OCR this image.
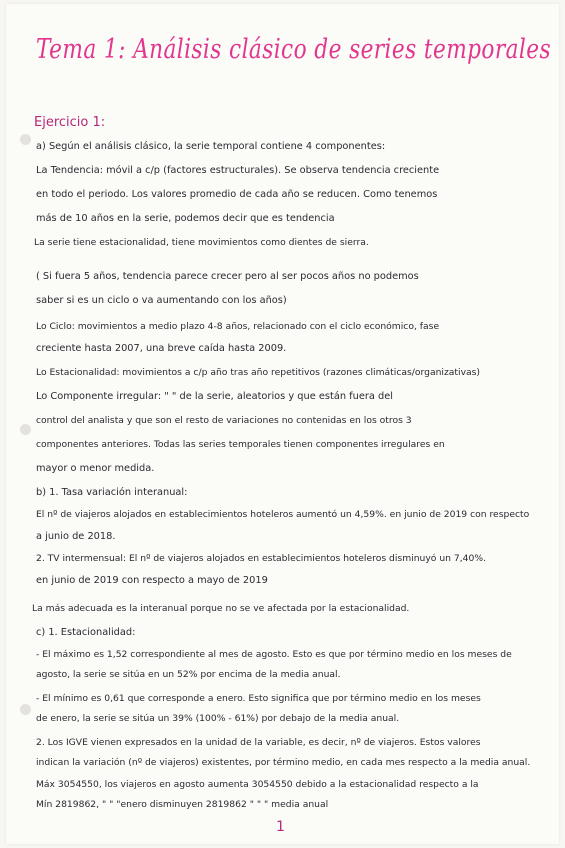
Tema 1: Análisis clásico de series temporales
Ejercicio 1:
a) Según el análisis clásico, la serie temporal contiene 4 componentes:
La Tendencia: móvil a c/p (factores estructurales). Se observa tendencia creciente
en todo el periodo. Los valores promedio de cada año se reducen. Como tenemos
más de 10 años en la serie, podemos decir que es tendencia
La serie tiene estacionalidad, tiene movimientos como dientes de sierra.
( Si fuera 5 años, tendencia parece crecer pero al ser pocos años no podemos
saber si es un ciclo o va aumentando con los años)
Lo Ciclo: movimientos a medio plazo 4-8 años, relacionado con el ciclo económico, fase
creciente hasta 2007, una breve caída hasta 2009.
Lo Estacionalidad: movimientos a c/p año tras año repetitivos (razones climáticas/organizativas)
Lo Componente irregular: " " de la serie, aleatorios y que están fuera del
control del analista y que son el resto de variaciones no contenidas en los otros 3
componentes anteriores. Todas las series temporales tienen componentes irregulares en
mayor o menor medida.
b) 1. Tasa variación interanual:
El nº de viajeros alojados en establecimientos hoteleros aumentó un 4,59%. en junio de 2019 con respecto
a junio de 2018.
2. TV intermensual: El nº de viajeros alojados en establecimientos hoteleros disminuyó un 7,40%.
en junio de 2019 con respecto a mayo de 2019
La más adecuada es la interanual porque no se ve afectada por la estacionalidad.
c) 1. Estacionalidad:
- El máximo es 1,52 correspondiente al mes de agosto. Esto es que por término medio en los meses de
agosto, la serie se sitúa en un 52% por encima de la media anual.
- El mínimo es 0,61 que corresponde a enero. Esto significa que por término medio en los meses
de enero, la serie se sitúa un 39% (100% - 61%) por debajo de la media anual.
2. Los IGVE vienen expresados en la unidad de la variable, es decir, nº de viajeros. Estos valores
indican la variación (nº de viajeros) existentes, por término medio, en cada mes respecto a la media anual.
Máx 3054550, los viajeros en agosto aumenta 3054550 debido a la estacionalidad respecto a la
Mín 2819862, " " "enero disminuyen 2819862 " " " media anual
1
